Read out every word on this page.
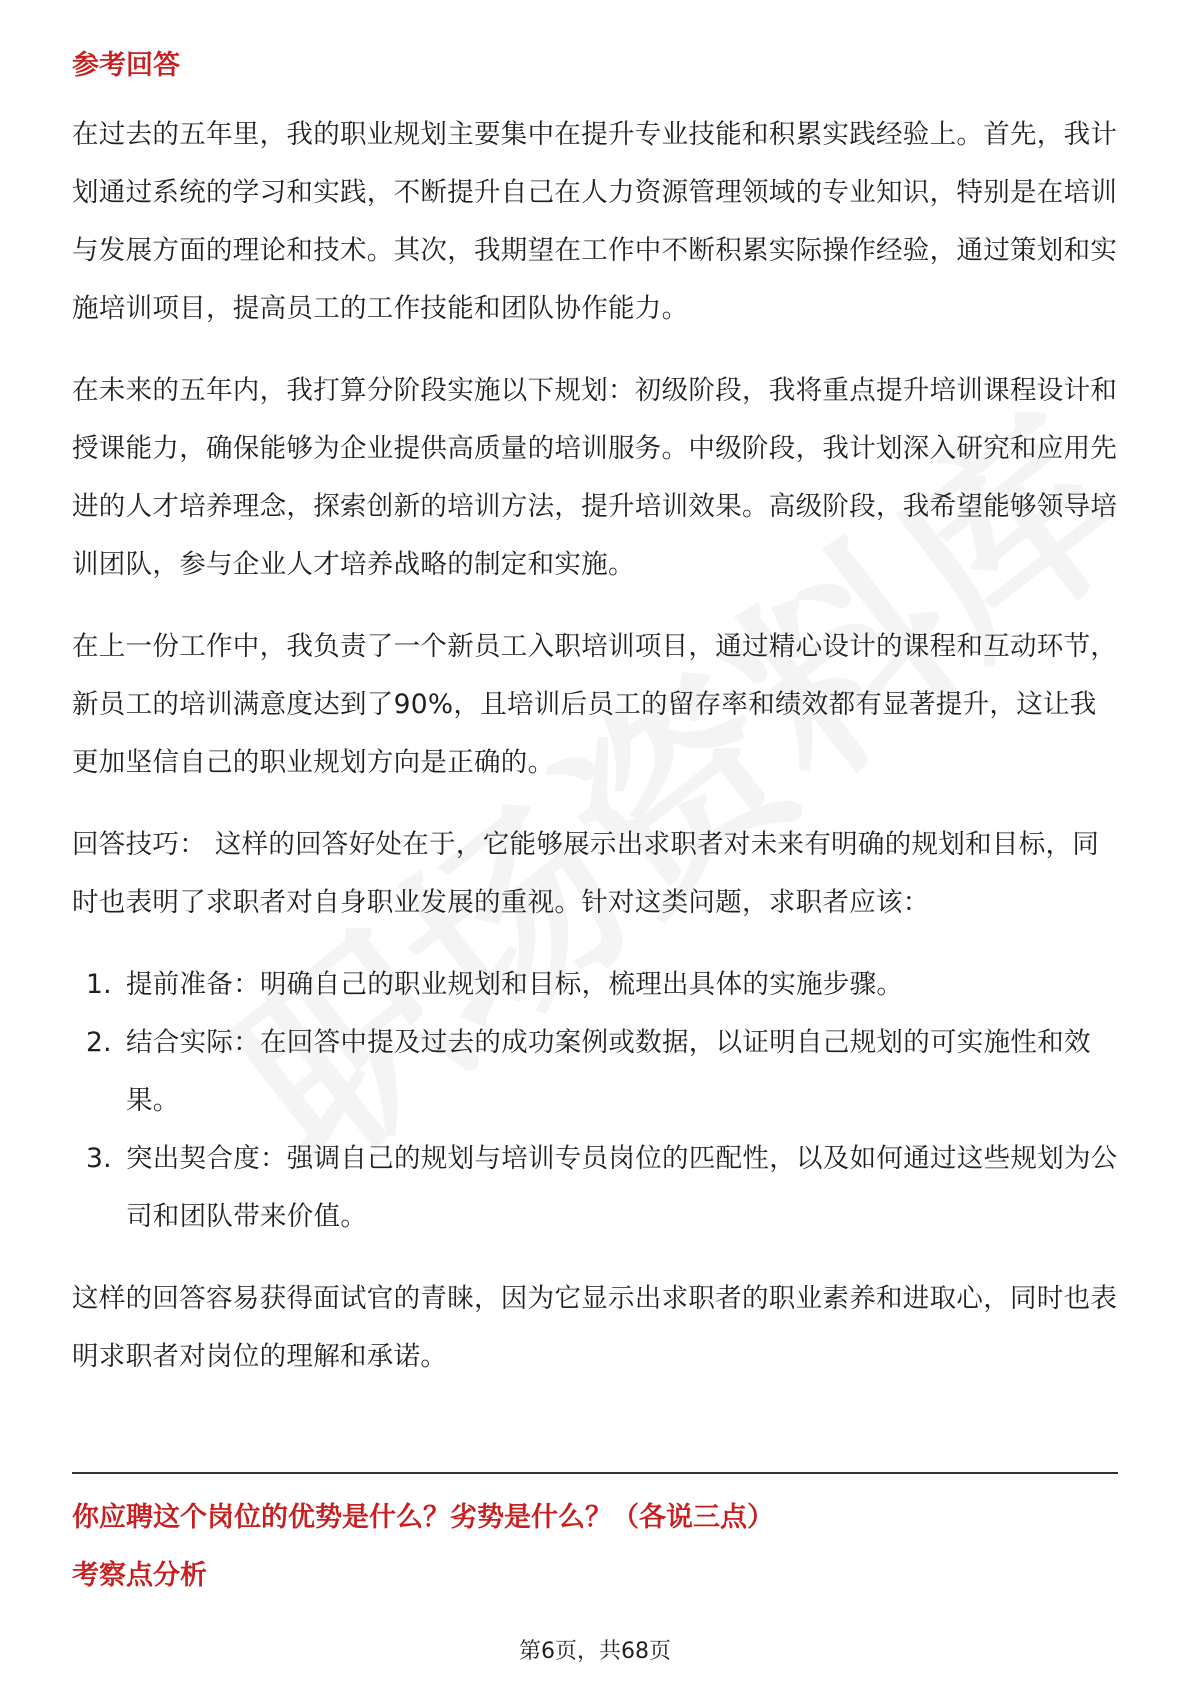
参考回答

在过去的五年里，我的职业规划主要集中在提升专业技能和积累实践经验上。首先，我计划通过系统的学习和实践，不断提升自己在人力资源管理领域的专业知识，特别是在培训与发展方面的理论和技术。其次，我期望在工作中不断积累实际操作经验，通过策划和实施培训项目，提高员工的工作技能和团队协作能力。

在未来的五年内，我打算分阶段实施以下规划：初级阶段，我将重点提升培训课程设计和授课能力，确保能够为企业提供高质量的培训服务。中级阶段，我计划深入研究和应用先进的人才培养理念，探索创新的培训方法，提升培训效果。高级阶段，我希望能够领导培训团队，参与企业人才培养战略的制定和实施。

在上一份工作中，我负责了一个新员工入职培训项目，通过精心设计的课程和互动环节，新员工的培训满意度达到了90%，且培训后员工的留存率和绩效都有显著提升，这让我更加坚信自己的职业规划方向是正确的。

回答技巧： 这样的回答好处在于，它能够展示出求职者对未来有明确的规划和目标，同时也表明了求职者对自身职业发展的重视。针对这类问题，求职者应该：

1. 提前准备：明确自己的职业规划和目标，梳理出具体的实施步骤。
2. 结合实际：在回答中提及过去的成功案例或数据，以证明自己规划的可实施性和效果。
3. 突出契合度：强调自己的规划与培训专员岗位的匹配性，以及如何通过这些规划为公司和团队带来价值。

这样的回答容易获得面试官的青睐，因为它显示出求职者的职业素养和进取心，同时也表明求职者对岗位的理解和承诺。

你应聘这个岗位的优势是什么？劣势是什么？（各说三点）
考察点分析
第6页，共68页
